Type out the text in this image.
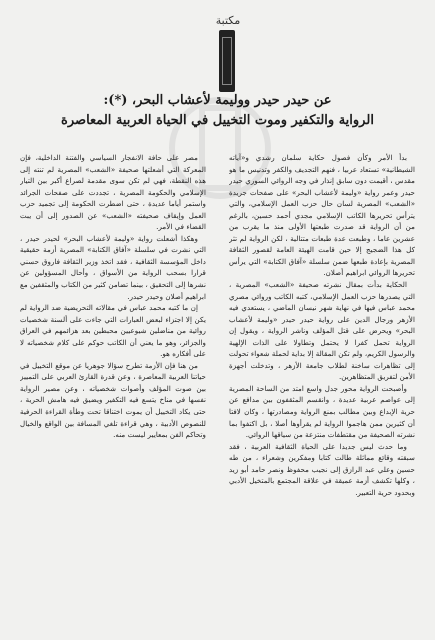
مكتبة
عن حيدر حيدر ووليمة لأعشاب البحر، (*):
الرواية والتكفير وموت التخييل في الحياة العربية المعاصرة

بدأ الأمر وكأن فصول حكاية سلمان رشدي و«آياته الشيطانية» تستعاد عربيا ، فنهم التجديف والكفر وتدنيس ما هو مقدس ، أقيمت دون سابق إنذار في وجه الروائي السوري حيدر حيدر وعمر رواية «وليمة لأعشاب البحر» على صفحات جريدة «الشعب» المصرية لسان حال حزب العمل الإسلامي، والتي يترأس تحريرها الكاتب الإسلامي مجدي أحمد حسين، بالرغم من أن الرواية قد صدرت طبعتها الأولى منذ ما يقرب من عشرين عاما ، وطبعت عدة طبعات متتالية ، لكن الرواية لم تثر كل هذا الضجيج إلا حين قامت الهيئة العامة لقصور الثقافة المصرية بإعادة طبعها ضمن سلسلة «آفاق الكتابة» التي يرأس تحريرها الروائي ابراهيم أصلان.

الحكاية بدأت بمقال نشرته صحيفة «الشعب» المصرية ، التي يصدرها حزب العمل الإسلامي، كتبه الكاتب وروائي مصري محمد عباس فيها في نهاية شهر نيسان الماضي ، يستعدي فيه الأزهر ورجال الدين على رواية حيدر حيدر «وليمة لأعشاب البحر» ويحرض على قتل المؤلف وناشر الرواية ، ويقول إن الرواية تحمل كفرا لا يحتمل وتطاولا على الذات الإلهية والرسول الكريم، ولم تكن المقالة إلا بداية لحملة شعواء تحولت إلى تظاهرات ساخنة لطلاب جامعة الأزهر ، وتدخلت أجهزة الأمن لتفريق المتظاهرين.

وأصبحت الرواية محور جدل واسع امتد من الساحة المصرية إلى عواصم عربية عديدة ، وانقسم المثقفون بين مدافع عن حرية الإبداع وبين مطالب بمنع الرواية ومصادرتها ، وكان لافتا أن كثيرين ممن هاجموا الرواية لم يقرأوها أصلا ، بل اكتفوا بما نشرته الصحيفة من مقتطفات منتزعة من سياقها الروائي.

وما حدث ليس جديدا على الحياة الثقافية العربية ، فقد سبقته وقائع مماثلة طالت كتابا ومفكرين وشعراء ، من طه حسين وعلي عبد الرازق إلى نجيب محفوظ ونصر حامد أبو زيد ، وكلها تكشف أزمة عميقة في علاقة المجتمع بالمتخيل الأدبي وبحدود حرية التعبير.

مصر على حافة الانفجار السياسي والفتنة الداخلية، فإن المعركة التي أشعلتها صحيفة «الشعب» المصرية لم تنته إلى هذه النقطة، فهي لم تكن سوى مقدمة لصراع أكبر بين التيار الإسلامي والحكومة المصرية ، تجددت على صفحات الجرائد واستمر أياما عديدة ، حتى اضطرت الحكومة إلى تجميد حزب العمل وإيقاف صحيفته «الشعب» عن الصدور إلى أن يبت القضاء في الأمر.

وهكذا أشعلت رواية «وليمة لأعشاب البحر» لحيدر حيدر ، التي نشرت في سلسلة «آفاق الكتابة» المصرية أزمة حقيقية داخل المؤسسة الثقافية ، فقد اتخذ وزير الثقافة فاروق حسني قرارا بسحب الرواية من الأسواق ، وأحال المسؤولين عن نشرها إلى التحقيق ، بينما تضامن كثير من الكتاب والمثقفين مع ابراهيم أصلان وحيدر حيدر.

إن ما كتبه محمد عباس في مقالاته التحريضية ضد الرواية لم يكن إلا اجتزاء لبعض العبارات التي جاءت على ألسنة شخصيات روائية من مناضلين شيوعيين محبطين بعد هزائمهم في العراق والجزائر، وهو ما يعني أن الكاتب حوكم على كلام شخصياته لا على أفكاره هو.

من هنا فإن الأزمة تطرح سؤالا جوهريا عن موقع التخييل في حياتنا العربية المعاصرة ، وعن قدرة القارئ العربي على التمييز بين صوت المؤلف وأصوات شخصياته ، وعن مصير الرواية نفسها في مناخ يتسع فيه التكفير ويضيق فيه هامش الحرية ، حتى يكاد التخييل أن يموت اختناقا تحت وطأة القراءة الحرفية للنصوص الأدبية ، وهي قراءة تلغي المسافة بين الواقع والخيال وتحاكم الفن بمعايير ليست منه.
